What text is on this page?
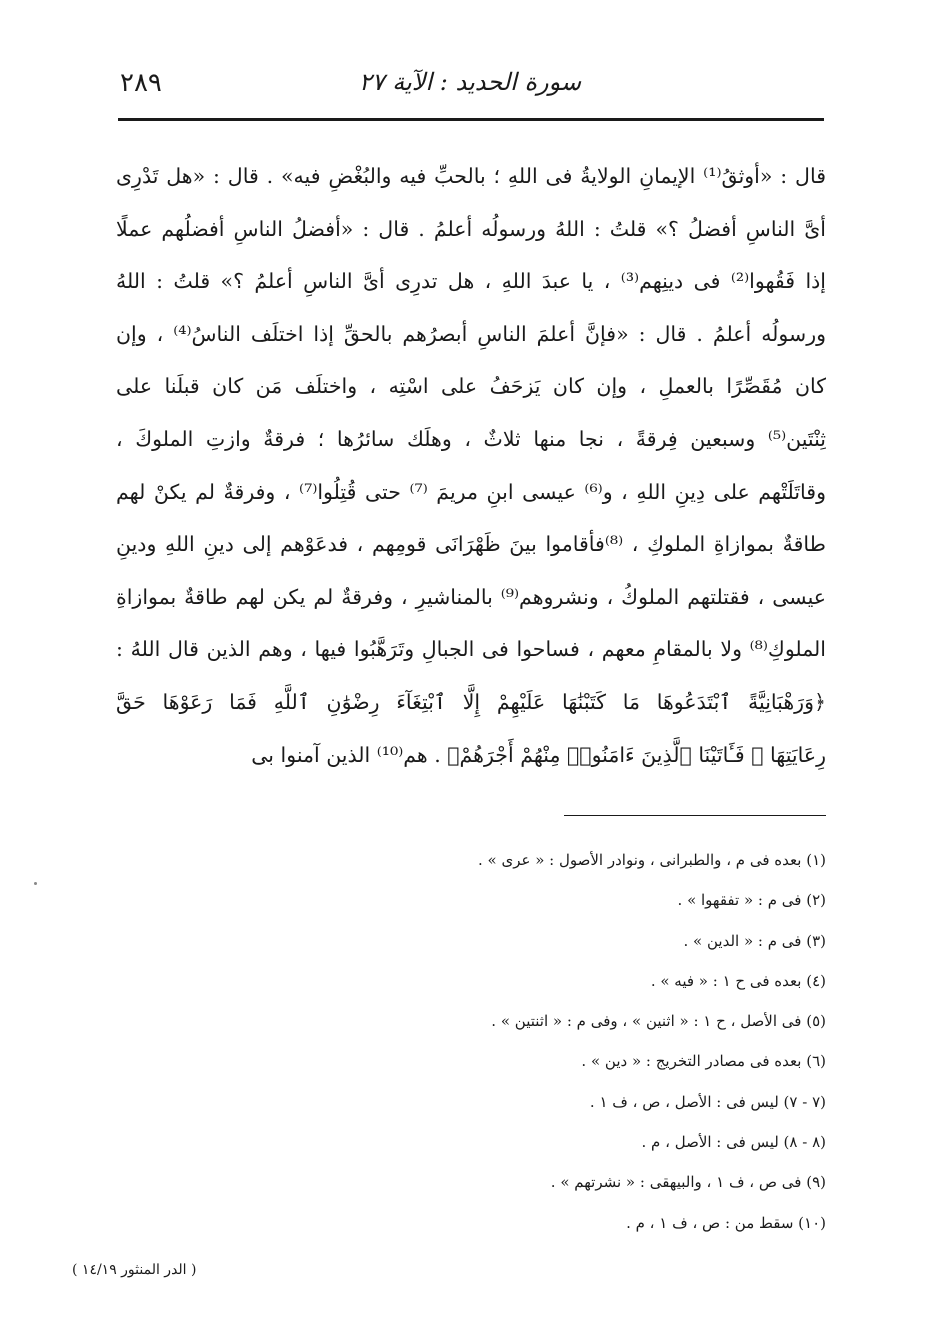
٢٨٩	سورة الحديد : الآية ٢٧
قال : «أوثقُ⁽¹⁾ الإيمانِ الولايةُ فى اللهِ ؛ بالحبِّ فيه والبُغْضِ فيه» . قال : «هل تَدْرِى
أىَّ الناسِ أفضلُ ؟» قلتُ : اللهُ ورسولُه أعلمُ . قال : «أفضلُ الناسِ أفضلُهم عملًا
إذا فَقُهوا⁽²⁾ فى دينِهم⁽³⁾ ، يا عبدَ اللهِ ، هل تدرِى أىَّ الناسِ أعلمُ ؟» قلتُ : اللهُ
ورسولُه أعلمُ . قال : «فإنَّ أعلمَ الناسِ أبصرُهم بالحقِّ إذا اختلَف الناسُ⁽⁴⁾ ، وإن
كان مُقَصِّرًا بالعملِ ، وإن كان يَزحَفُ على اسْتِه ، واختلَف مَن كان قبلَنا على
ثِنْتَين⁽⁵⁾ وسبعين فِرقةً ، نجا منها ثلاثٌ ، وهلَك سائرُها ؛ فرقةٌ وازتِ الملوكَ ،
وقاتَلَتْهم على دِينِ اللهِ ، و⁽⁶⁾ عيسى ابنِ مريمَ ⁽⁷⁾ حتى قُتِلُوا⁽⁷⁾ ، وفرقةٌ لم يكنْ لهم
طاقةٌ بموازاةِ الملوكِ ، ⁽⁸⁾فأقاموا بينَ ظَهْرَانَى قومِهم ، فدعَوْهم إلى دينِ اللهِ ودينِ
عيسى ، فقتلتهم الملوكُ ، ونشروهم⁽⁹⁾ بالمناشيرِ ، وفرقةٌ لم يكن لهم طاقةٌ بموازاةِ
الملوكِ⁽⁸⁾ ولا بالمقامِ معهم ، فساحوا فى الجبالِ وتَرَهَّبُوا فيها ، وهم الذين قال اللهُ :
﴿وَرَهْبَانِيَّةً ٱبْتَدَعُوهَا مَا كَتَبْنَٰهَا عَلَيْهِمْ إِلَّا ٱبْتِغَآءَ رِضْوَٰنِ ٱللَّهِ فَمَا رَعَوْهَا حَقَّ
رِعَايَتِهَا ۖ فَـَٔاتَيْنَا ٱلَّذِينَ ءَامَنُوا۟ مِنْهُمْ أَجْرَهُمْ﴾ . هم⁽¹⁰⁾ الذين آمنوا بى
(١) بعده فى م ، والطبرانى ، ونوادر الأصول : « عرى » .
(٢) فى م : « تفقهوا » .
(٣) فى م : « الدين » .
(٤) بعده فى ح ١ : « فيه » .
(٥) فى الأصل ، ح ١ : « اثنين » ، وفى م : « اثنتين » .
(٦) بعده فى مصادر التخريج : « دين » .
(٧ - ٧) ليس فى : الأصل ، ص ، ف ١ .
(٨ - ٨) ليس فى : الأصل ، م .
(٩) فى ص ، ف ١ ، والبيهقى : « نشرتهم » .
(١٠) سقط من : ص ، ف ١ ، م .
( الدر المنثور ١٤/١٩ )
